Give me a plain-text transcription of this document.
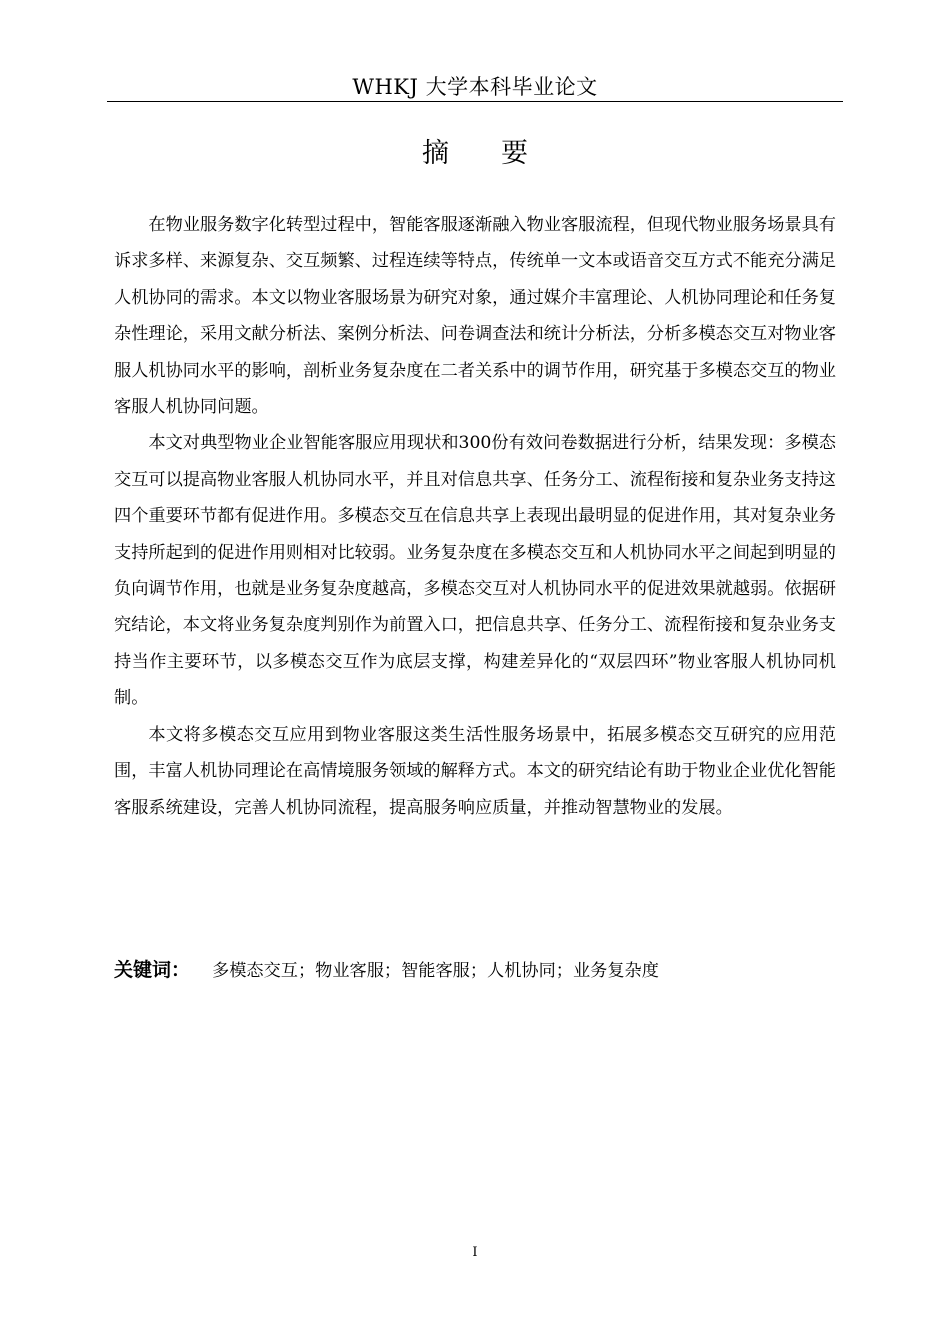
WHKJ 大学本科毕业论文
摘要

在物业服务数字化转型过程中，智能客服逐渐融入物业客服流程，但现代物业服务场景具有诉求多样、来源复杂、交互频繁、过程连续等特点，传统单一文本或语音交互方式不能充分满足人机协同的需求。本文以物业客服场景为研究对象，通过媒介丰富理论、人机协同理论和任务复杂性理论，采用文献分析法、案例分析法、问卷调查法和统计分析法，分析多模态交互对物业客服人机协同水平的影响，剖析业务复杂度在二者关系中的调节作用，研究基于多模态交互的物业客服人机协同问题。

本文对典型物业企业智能客服应用现状和300份有效问卷数据进行分析，结果发现：多模态交互可以提高物业客服人机协同水平，并且对信息共享、任务分工、流程衔接和复杂业务支持这四个重要环节都有促进作用。多模态交互在信息共享上表现出最明显的促进作用，其对复杂业务支持所起到的促进作用则相对比较弱。业务复杂度在多模态交互和人机协同水平之间起到明显的负向调节作用，也就是业务复杂度越高，多模态交互对人机协同水平的促进效果就越弱。依据研究结论，本文将业务复杂度判别作为前置入口，把信息共享、任务分工、流程衔接和复杂业务支持当作主要环节，以多模态交互作为底层支撑，构建差异化的“双层四环”物业客服人机协同机制。

本文将多模态交互应用到物业客服这类生活性服务场景中，拓展多模态交互研究的应用范围，丰富人机协同理论在高情境服务领域的解释方式。本文的研究结论有助于物业企业优化智能客服系统建设，完善人机协同流程，提高服务响应质量，并推动智慧物业的发展。

关键词： 多模态交互；物业客服；智能客服；人机协同；业务复杂度
I
